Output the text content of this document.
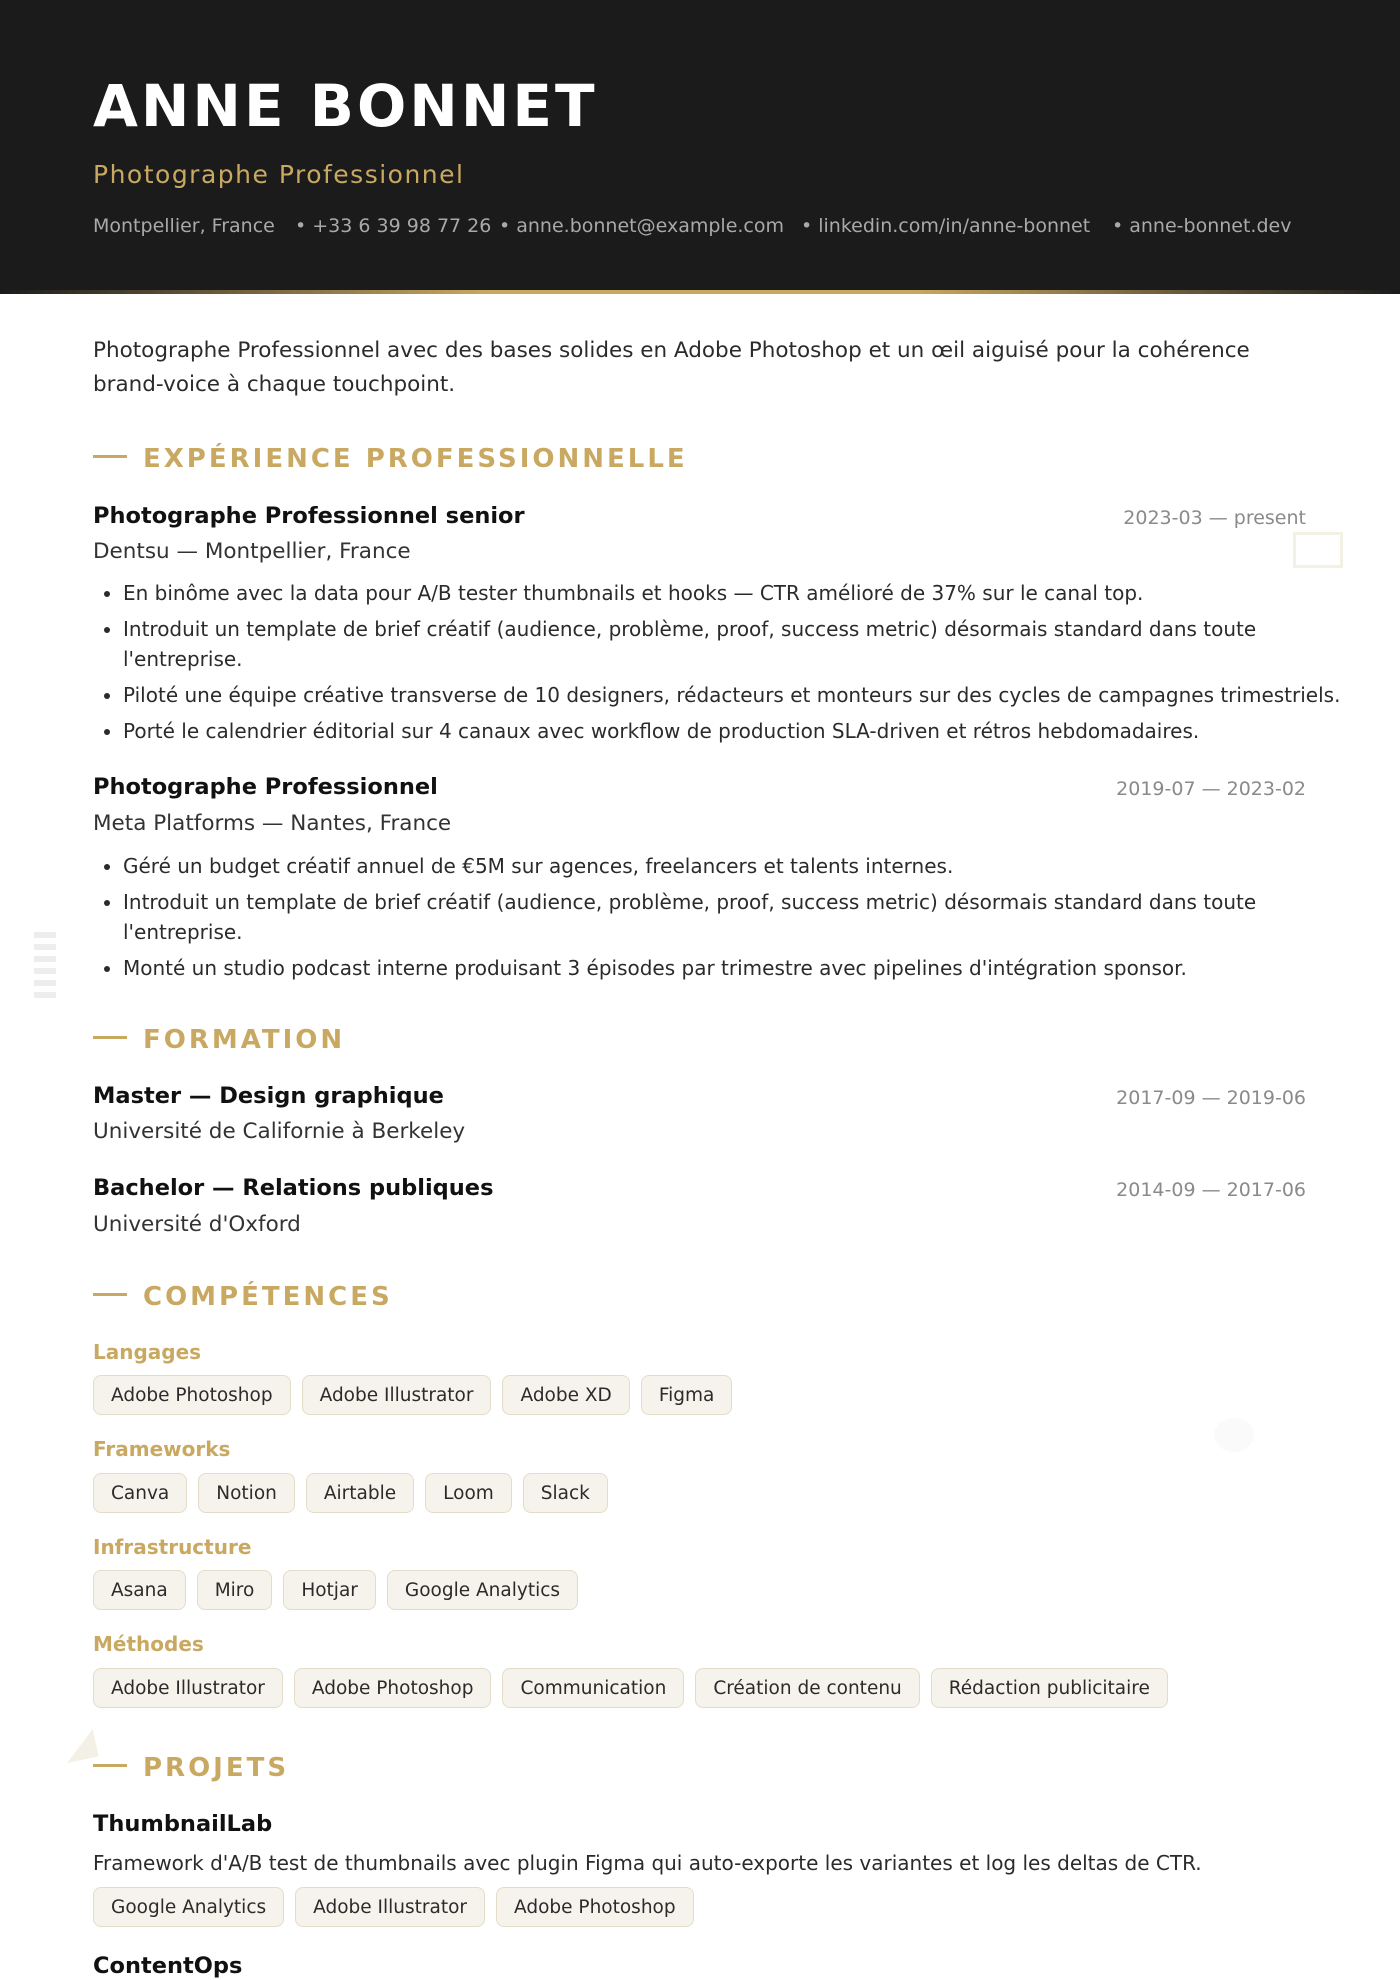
ANNE BONNET
Photographe Professionnel
Montpellier, France • +33 6 39 98 77 26 • anne.bonnet@example.com • linkedin.com/in/anne-bonnet • anne-bonnet.dev
Photographe Professionnel avec des bases solides en Adobe Photoshop et un œil aiguisé pour la cohérence brand-voice à chaque touchpoint.
EXPÉRIENCE PROFESSIONNELLE
Photographe Professionnel senior	2023-03 — present
Dentsu — Montpellier, France
• En binôme avec la data pour A/B tester thumbnails et hooks — CTR amélioré de 37% sur le canal top.
• Introduit un template de brief créatif (audience, problème, proof, success metric) désormais standard dans toute l'entreprise.
• Piloté une équipe créative transverse de 10 designers, rédacteurs et monteurs sur des cycles de campagnes trimestriels.
• Porté le calendrier éditorial sur 4 canaux avec workflow de production SLA-driven et rétros hebdomadaires.
Photographe Professionnel	2019-07 — 2023-02
Meta Platforms — Nantes, France
• Géré un budget créatif annuel de €5M sur agences, freelancers et talents internes.
• Introduit un template de brief créatif (audience, problème, proof, success metric) désormais standard dans toute l'entreprise.
• Monté un studio podcast interne produisant 3 épisodes par trimestre avec pipelines d'intégration sponsor.
FORMATION
Master — Design graphique	2017-09 — 2019-06
Université de Californie à Berkeley
Bachelor — Relations publiques	2014-09 — 2017-06
Université d'Oxford
COMPÉTENCES
Langages
Adobe Photoshop	Adobe Illustrator	Adobe XD	Figma
Frameworks
Canva	Notion	Airtable	Loom	Slack
Infrastructure
Asana	Miro	Hotjar	Google Analytics
Méthodes
Adobe Illustrator	Adobe Photoshop	Communication	Création de contenu	Rédaction publicitaire
PROJETS
ThumbnailLab
Framework d'A/B test de thumbnails avec plugin Figma qui auto-exporte les variantes et log les deltas de CTR.
Google Analytics	Adobe Illustrator	Adobe Photoshop
ContentOps
